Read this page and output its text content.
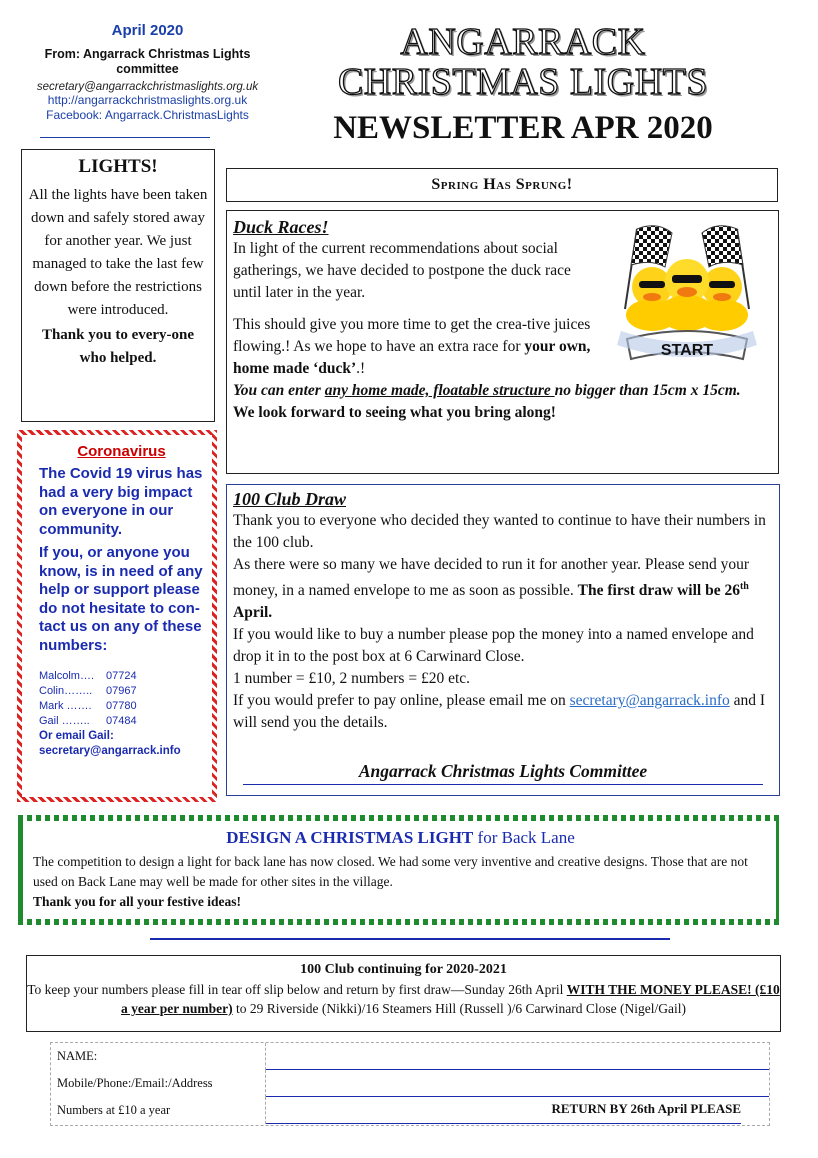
April 2020
From: Angarrack Christmas Lights committee
secretary@angarrackchristmaslights.org.uk
http://angarrackchristmaslights.org.uk
Facebook: Angarrack.ChristmasLights
ANGARRACK
CHRISTMAS LIGHTS
NEWSLETTER APR 2020
LIGHTS!
All the lights have been taken down and safely stored away for another year. We just managed to take the last few down before the restrictions were introduced.
Thank you to every-one who helped.
Coronavirus
The Covid 19 virus has had a very big impact on everyone in our community.
If you, or anyone you know, is in need of any help or support please do not hesitate to con-tact us on any of these numbers:
Malcolm….	07724
Colin……..	07967
Mark …….	07780
Gail ……..	07484
Or email Gail:
secretary@angarrack.info
Spring Has Sprung!
Duck Races!
In light of the current recommendations about social gatherings, we have decided to postpone the duck race until later in the year.
This should give you more time to get the crea-tive juices flowing.! As we hope to have an extra race for your own, home made ‘duck’.!
You can enter any home made, floatable structure no bigger than 15cm x 15cm.
We look forward to seeing what you bring along!
START
100 Club Draw
Thank you to everyone who decided they wanted to continue to have their numbers in the 100 club.
As there were so many we have decided to run it for another year. Please send your money, in a named envelope to me as soon as possible. The first draw will be 26th April.
If you would like to buy a number please pop the money into a named envelope and drop it in to the post box at 6 Carwinard Close.
1 number = £10, 2 numbers = £20 etc.
If you would prefer to pay online, please email me on secretary@angarrack.info and I will send you the details.
Angarrack Christmas Lights Committee
DESIGN A CHRISTMAS LIGHT for Back Lane
The competition to design a light for back lane has now closed. We had some very inventive and creative designs. Those that are not used on Back Lane may well be made for other sites in the village.
Thank you for all your festive ideas!
100 Club continuing for 2020-2021
To keep your numbers please fill in tear off slip below and return by first draw—Sunday 26th April WITH THE MONEY PLEASE! (£10 a year per number) to 29 Riverside (Nikki)/16 Steamers Hill (Russell )/6 Carwinard Close (Nigel/Gail)
NAME:
Mobile/Phone:/Email:/Address
Numbers at £10 a year	RETURN BY 26th April PLEASE
